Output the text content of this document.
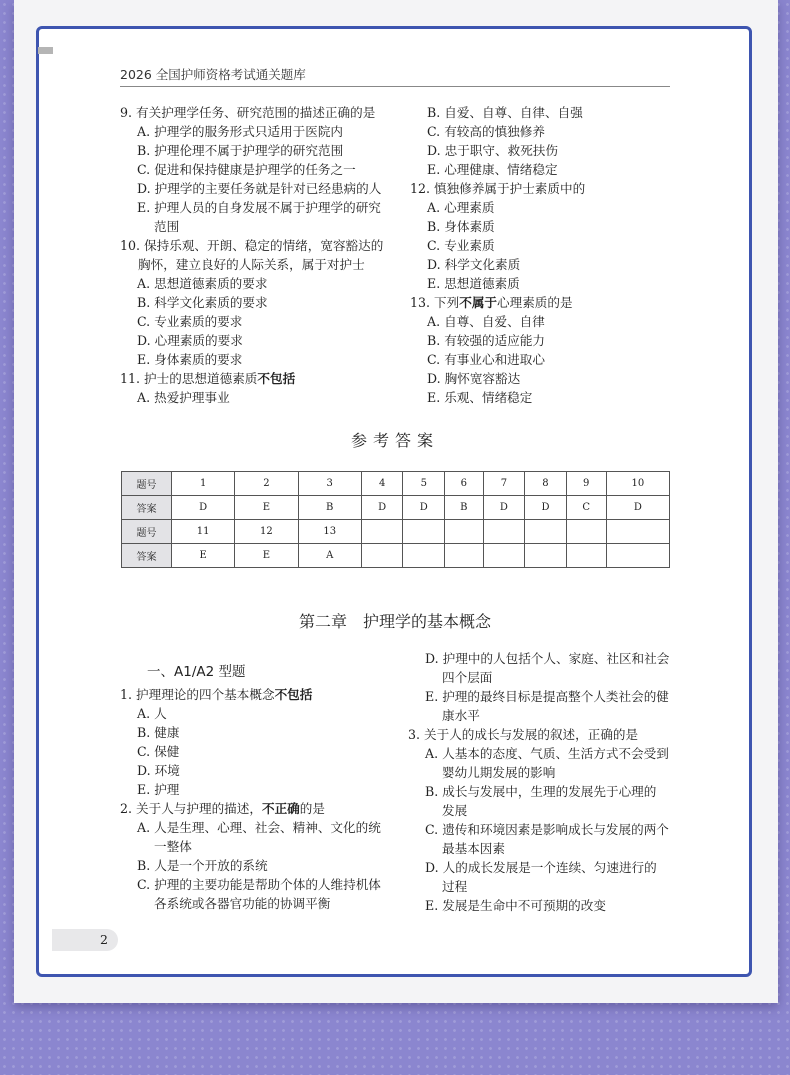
2026 全国护师资格考试通关题库
9. 有关护理学任务、研究范围的描述正确的是
A. 护理学的服务形式只适用于医院内
B. 护理伦理不属于护理学的研究范围
C. 促进和保持健康是护理学的任务之一
D. 护理学的主要任务就是针对已经患病的人
E. 护理人员的自身发展不属于护理学的研究
范围
10. 保持乐观、开朗、稳定的情绪，宽容豁达的
胸怀，建立良好的人际关系，属于对护士
A. 思想道德素质的要求
B. 科学文化素质的要求
C. 专业素质的要求
D. 心理素质的要求
E. 身体素质的要求
11. 护士的思想道德素质不包括
A. 热爱护理事业
B. 自爱、自尊、自律、自强
C. 有较高的慎独修养
D. 忠于职守、救死扶伤
E. 心理健康、情绪稳定
12. 慎独修养属于护士素质中的
A. 心理素质
B. 身体素质
C. 专业素质
D. 科学文化素质
E. 思想道德素质
13. 下列不属于心理素质的是
A. 自尊、自爱、自律
B. 有较强的适应能力
C. 有事业心和进取心
D. 胸怀宽容豁达
E. 乐观、情绪稳定
参考答案
题号	1	2	3	4	5	6	7	8	9	10
答案	D	E	B	D	D	B	D	D	C	D
题号	11	12	13							
答案	E	E	A							
第二章　护理学的基本概念
一、A1/A2 型题
1. 护理理论的四个基本概念不包括
A. 人
B. 健康
C. 保健
D. 环境
E. 护理
2. 关于人与护理的描述，不正确的是
A. 人是生理、心理、社会、精神、文化的统
一整体
B. 人是一个开放的系统
C. 护理的主要功能是帮助个体的人维持机体
各系统或各器官功能的协调平衡
D. 护理中的人包括个人、家庭、社区和社会
四个层面
E. 护理的最终目标是提高整个人类社会的健
康水平
3. 关于人的成长与发展的叙述，正确的是
A. 人基本的态度、气质、生活方式不会受到
婴幼儿期发展的影响
B. 成长与发展中，生理的发展先于心理的
发展
C. 遗传和环境因素是影响成长与发展的两个
最基本因素
D. 人的成长发展是一个连续、匀速进行的
过程
E. 发展是生命中不可预期的改变
2
